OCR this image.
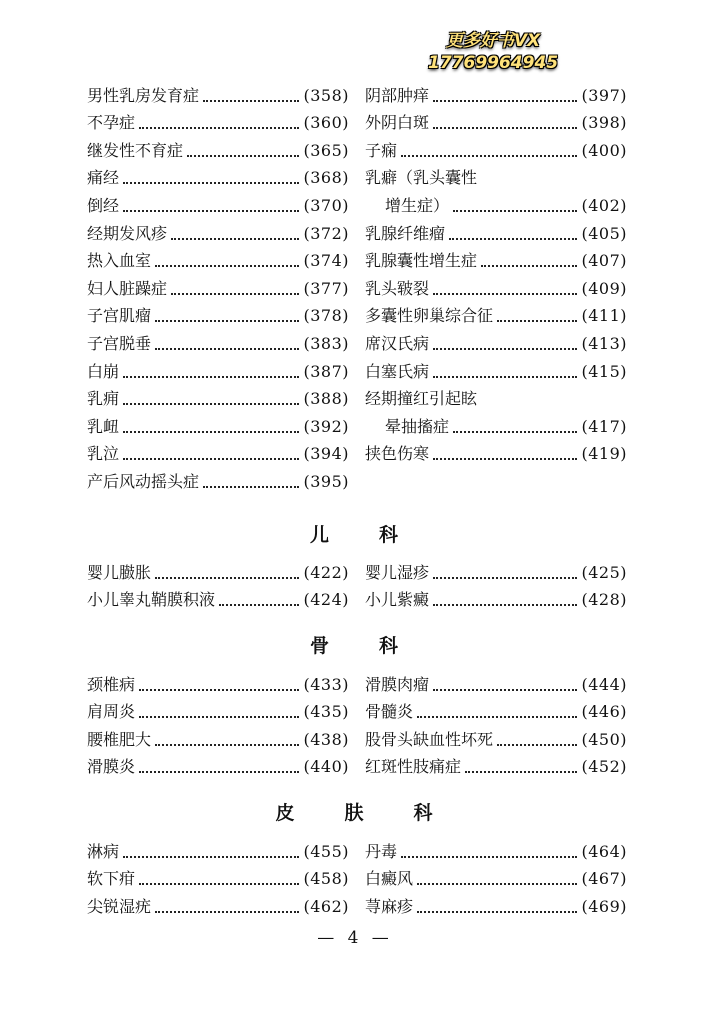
更多好书VX
17769964945
男性乳房发育症	(358)
不孕症	(360)
继发性不育症	(365)
痛经	(368)
倒经	(370)
经期发风疹	(372)
热入血室	(374)
妇人脏躁症	(377)
子宫肌瘤	(378)
子宫脱垂	(383)
白崩	(387)
乳痈	(388)
乳衄	(392)
乳泣	(394)
产后风动摇头症	(395)
阴部肿痒	(397)
外阴白斑	(398)
子痫	(400)
乳癖（乳头囊性
增生症）	(402)
乳腺纤维瘤	(405)
乳腺囊性增生症	(407)
乳头皲裂	(409)
多囊性卵巢综合征	(411)
席汉氏病	(413)
白塞氏病	(415)
经期撞红引起眩
晕抽搐症	(417)
挟色伤寒	(419)
儿	科
婴儿臌胀	(422)
小儿睾丸鞘膜积液	(424)
婴儿湿疹	(425)
小儿紫癜	(428)
骨	科
颈椎病	(433)
肩周炎	(435)
腰椎肥大	(438)
滑膜炎	(440)
滑膜肉瘤	(444)
骨髓炎	(446)
股骨头缺血性坏死	(450)
红斑性肢痛症	(452)
皮	肤	科
淋病	(455)
软下疳	(458)
尖锐湿疣	(462)
丹毒	(464)
白癜风	(467)
荨麻疹	(469)
— 4 —
